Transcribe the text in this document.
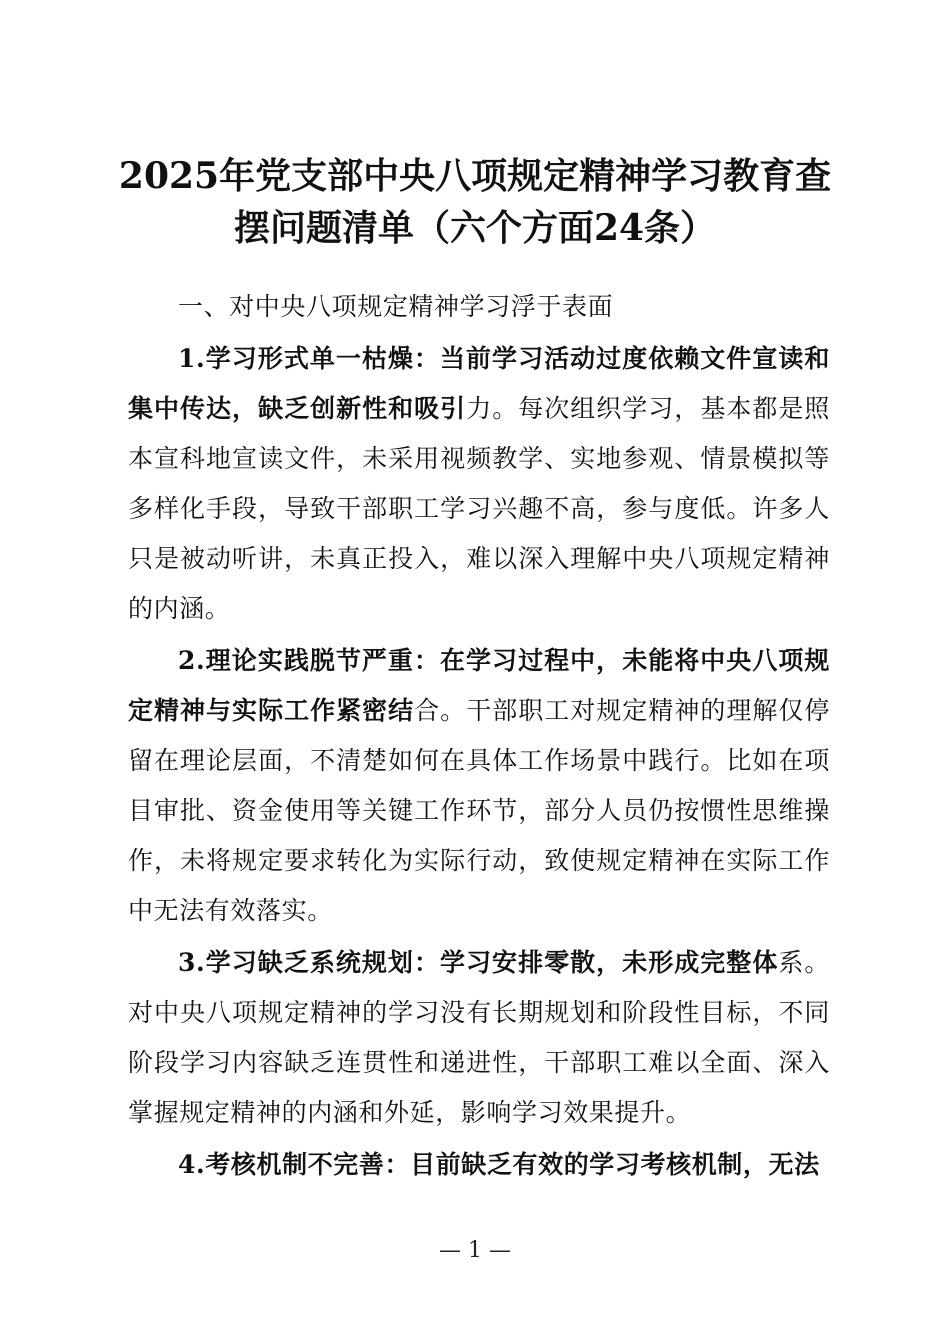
2025年党支部中央八项规定精神学习教育查摆问题清单（六个方面24条）

一、对中央八项规定精神学习浮于表面

1.学习形式单一枯燥：当前学习活动过度依赖文件宣读和集中传达，缺乏创新性和吸引力。每次组织学习，基本都是照本宣科地宣读文件，未采用视频教学、实地参观、情景模拟等多样化手段，导致干部职工学习兴趣不高，参与度低。许多人只是被动听讲，未真正投入，难以深入理解中央八项规定精神的内涵。

2.理论实践脱节严重：在学习过程中，未能将中央八项规定精神与实际工作紧密结合。干部职工对规定精神的理解仅停留在理论层面，不清楚如何在具体工作场景中践行。比如在项目审批、资金使用等关键工作环节，部分人员仍按惯性思维操作，未将规定要求转化为实际行动，致使规定精神在实际工作中无法有效落实。

3.学习缺乏系统规划：学习安排零散，未形成完整体系。对中央八项规定精神的学习没有长期规划和阶段性目标，不同阶段学习内容缺乏连贯性和递进性，干部职工难以全面、深入掌握规定精神的内涵和外延，影响学习效果提升。

4.考核机制不完善：目前缺乏有效的学习考核机制，无法

— 1 —
